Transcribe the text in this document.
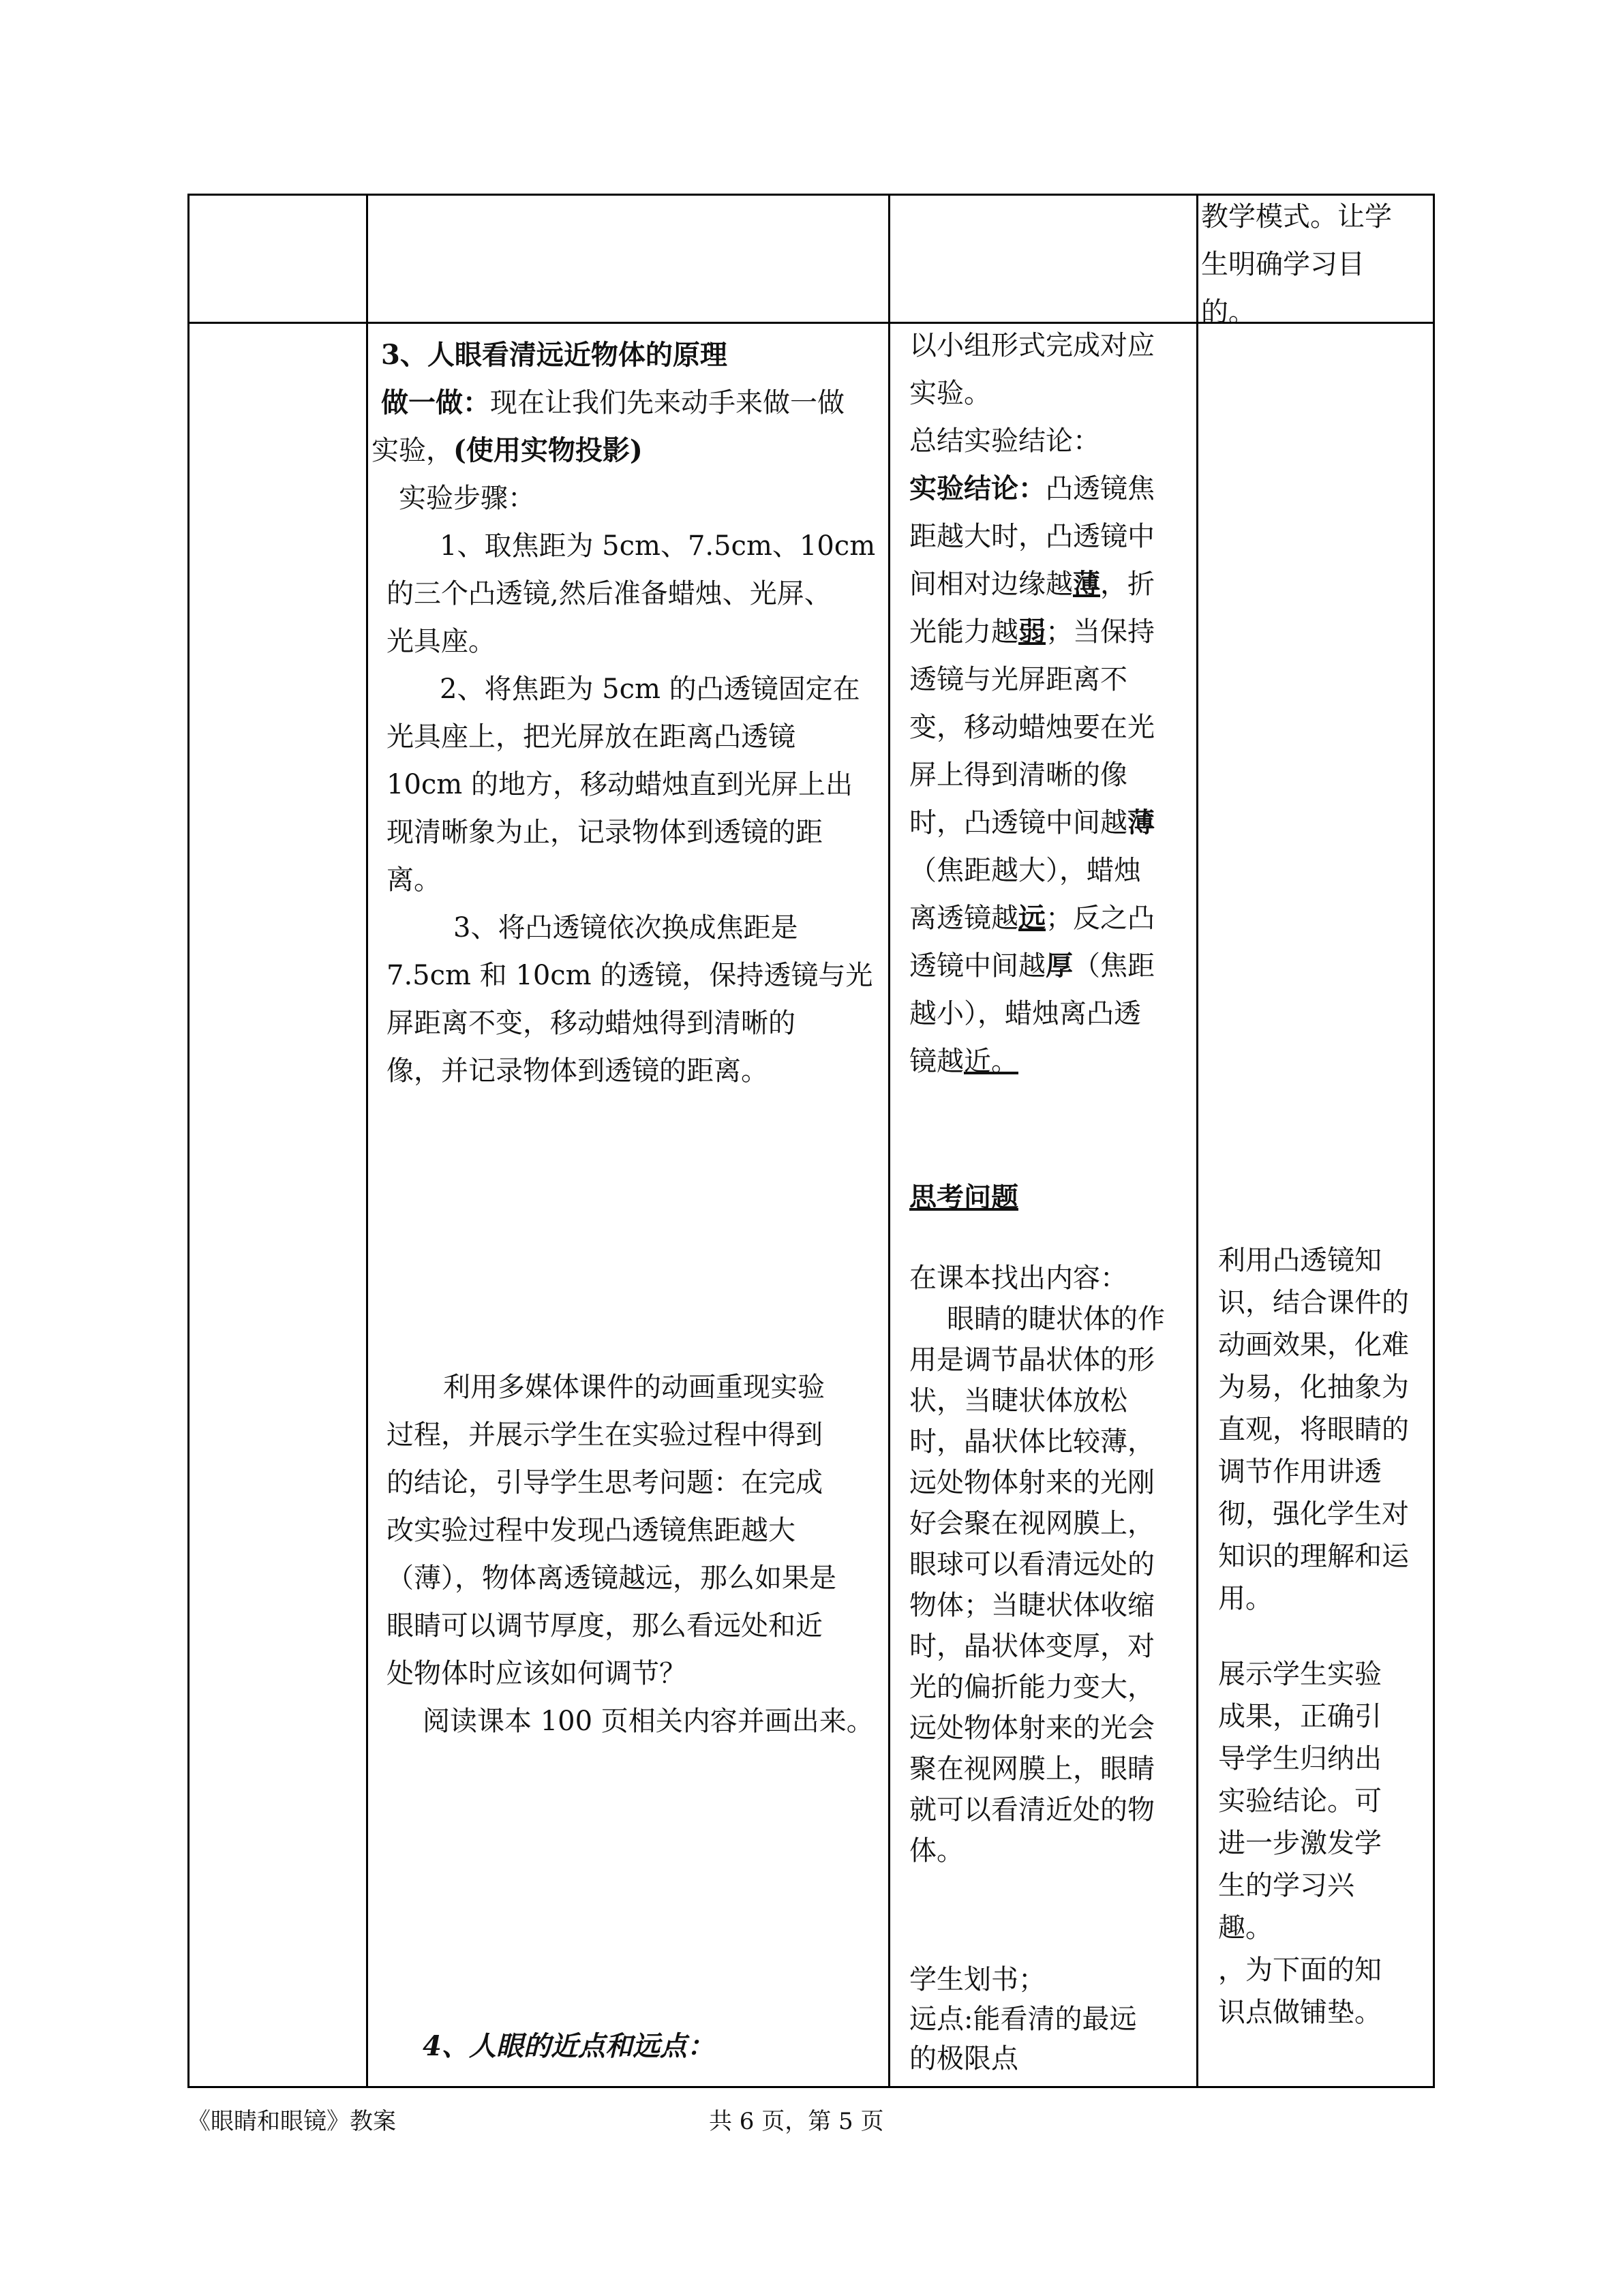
教学模式。让学
生明确学习目
的。
3、人眼看清远近物体的原理
做一做：现在让我们先来动手来做一做
实验，(使用实物投影)
实验步骤：
1、取焦距为 5cm、7.5cm、10cm
的三个凸透镜,然后准备蜡烛、光屏、
光具座。
2、将焦距为 5cm 的凸透镜固定在
光具座上，把光屏放在距离凸透镜
10cm 的地方，移动蜡烛直到光屏上出
现清晰象为止，记录物体到透镜的距
离。
3、将凸透镜依次换成焦距是
7.5cm 和 10cm 的透镜，保持透镜与光
屏距离不变，移动蜡烛得到清晰的
像，并记录物体到透镜的距离。
利用多媒体课件的动画重现实验
过程，并展示学生在实验过程中得到
的结论，引导学生思考问题：在完成
改实验过程中发现凸透镜焦距越大
（薄），物体离透镜越远，那么如果是
眼睛可以调节厚度，那么看远处和近
处物体时应该如何调节？
阅读课本 100 页相关内容并画出来。
4、人眼的近点和远点：
以小组形式完成对应
实验。
总结实验结论：
实验结论：凸透镜焦
距越大时，凸透镜中
间相对边缘越薄，折
光能力越弱；当保持
透镜与光屏距离不
变，移动蜡烛要在光
屏上得到清晰的像
时，凸透镜中间越薄
（焦距越大），蜡烛
离透镜越远；反之凸
透镜中间越厚（焦距
越小），蜡烛离凸透
镜越近。
思考问题
在课本找出内容：
眼睛的睫状体的作
用是调节晶状体的形
状，当睫状体放松
时，晶状体比较薄，
远处物体射来的光刚
好会聚在视网膜上，
眼球可以看清远处的
物体；当睫状体收缩
时，晶状体变厚，对
光的偏折能力变大，
远处物体射来的光会
聚在视网膜上，眼睛
就可以看清近处的物
体。
学生划书；
远点:能看清的最远
的极限点
利用凸透镜知
识，结合课件的
动画效果，化难
为易，化抽象为
直观，将眼睛的
调节作用讲透
彻，强化学生对
知识的理解和运
用。
展示学生实验
成果，正确引
导学生归纳出
实验结论。可
进一步激发学
生的学习兴
趣。
，为下面的知
识点做铺垫。
《眼睛和眼镜》教案	共 6 页，第 5 页
